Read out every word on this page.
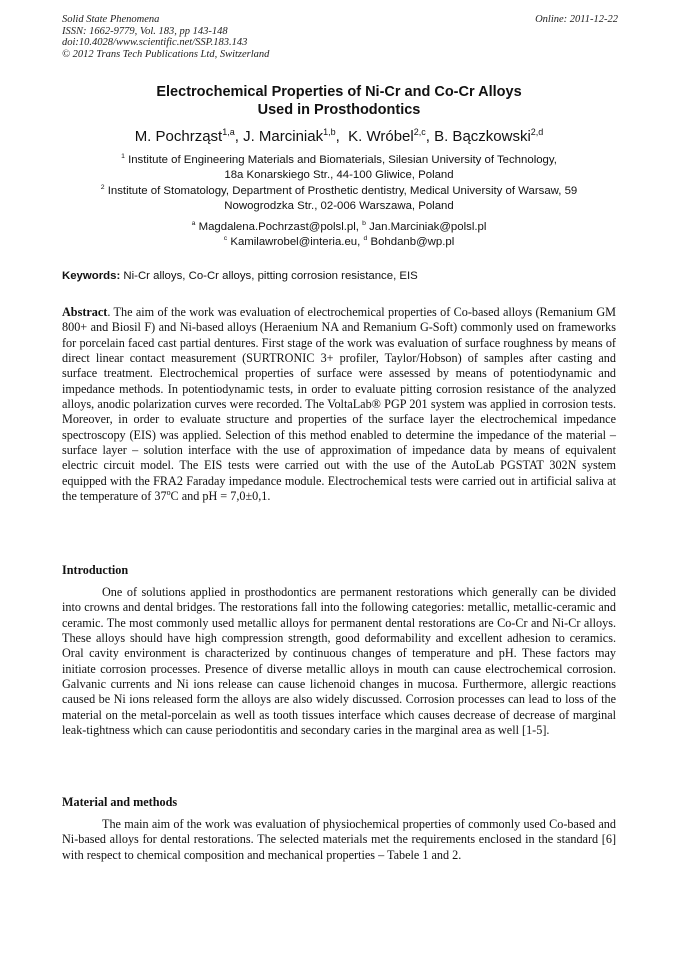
Solid State Phenomena
ISSN: 1662-9779, Vol. 183, pp 143-148
doi:10.4028/www.scientific.net/SSP.183.143
© 2012 Trans Tech Publications Ltd, Switzerland
Online: 2011-12-22
Electrochemical Properties of Ni-Cr and Co-Cr Alloys
Used in Prosthodontics
M. Pochrząst$^{1,a}$, J. Marciniak$^{1,b}$,  K. Wróbel$^{2,c}$, B. Bączkowski$^{2,d}$
$^1$ Institute of Engineering Materials and Biomaterials, Silesian University of Technology,
18a Konarskiego Str., 44-100 Gliwice, Poland
$^2$ Institute of Stomatology, Department of Prosthetic dentistry, Medical University of Warsaw, 59
Nowogrodzka Str., 02-006 Warszawa, Poland
$^a$ Magdalena.Pochrzast@polsl.pl, $^b$ Jan.Marciniak@polsl.pl
$^c$ Kamilawrobel@interia.eu, $^d$ Bohdanb@wp.pl
Keywords: Ni-Cr alloys, Co-Cr alloys, pitting corrosion resistance, EIS
Abstract. The aim of the work was evaluation of electrochemical properties of Co-based alloys (Remanium GM 800+ and Biosil F) and Ni-based alloys (Heraenium NA and Remanium G-Soft) commonly used on frameworks for porcelain faced cast partial dentures. First stage of the work was evaluation of surface roughness by means of direct linear contact measurement (SURTRONIC 3+ profiler, Taylor/Hobson) of samples after casting and surface treatment. Electrochemical properties of surface were assessed by means of potentiodynamic and impedance methods. In potentiodynamic tests, in order to evaluate pitting corrosion resistance of the analyzed alloys, anodic polarization curves were recorded. The VoltaLab® PGP 201 system was applied in corrosion tests. Moreover, in order to evaluate structure and properties of the surface layer the electrochemical impedance spectroscopy (EIS) was applied. Selection of this method enabled to determine the impedance of the material – surface layer – solution interface with the use of approximation of impedance data by means of equivalent electric circuit model. The EIS tests were carried out with the use of the AutoLab PGSTAT 302N system equipped with the FRA2 Faraday impedance module. Electrochemical tests were carried out in artificial saliva at the temperature of 37$^o$C and pH = 7,0±0,1.
Introduction
One of solutions applied in prosthodontics are permanent restorations which generally can be divided into crowns and dental bridges. The restorations fall into the following categories: metallic, metallic-ceramic and ceramic. The most commonly used metallic alloys for permanent dental restorations are Co-Cr and Ni-Cr alloys. These alloys should have high compression strength, good deformability and excellent adhesion to ceramics. Oral cavity environment is characterized by continuous changes of temperature and pH. These factors may initiate corrosion processes. Presence of diverse metallic alloys in mouth can cause electrochemical corrosion. Galvanic currents and Ni ions release can cause lichenoid changes in mucosa. Furthermore, allergic reactions caused be Ni ions released form the alloys are also widely discussed. Corrosion processes can lead to loss of the material on the metal-porcelain as well as tooth tissues interface which causes decrease of decrease of marginal leak-tightness which can cause periodontitis and secondary caries in the marginal area as well [1-5].
Material and methods
The main aim of the work was evaluation of physiochemical properties of commonly used Co-based and Ni-based alloys for dental restorations. The selected materials met the requirements enclosed in the standard [6] with respect to chemical composition and mechanical properties – Tabele 1 and 2.
